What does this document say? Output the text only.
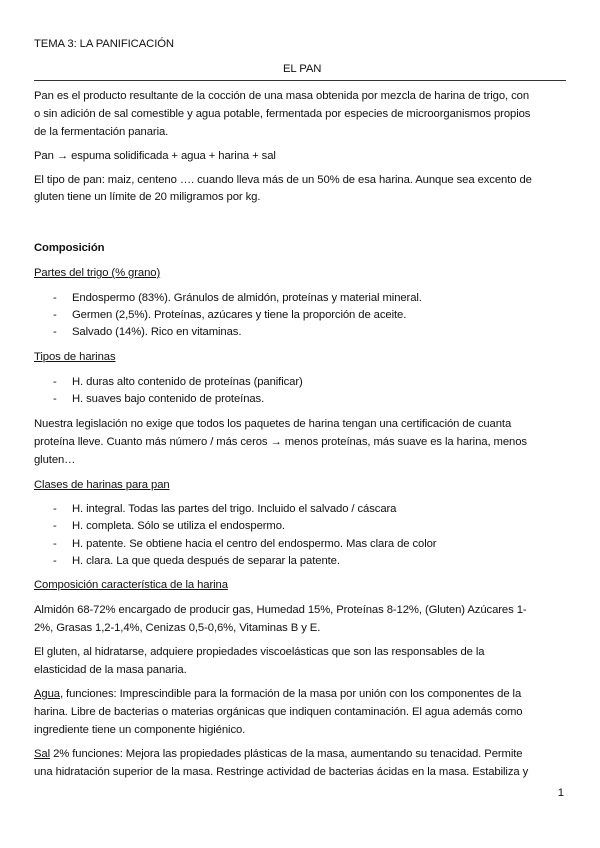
TEMA 3: LA PANIFICACIÓN
EL PAN
Pan es el producto resultante de la cocción de una masa obtenida por mezcla de harina de trigo, con
o sin adición de sal comestible y agua potable, fermentada por especies de microorganismos propios
de la fermentación panaria.
Pan → espuma solidificada + agua + harina + sal
El tipo de pan: maiz, centeno …. cuando lleva más de un 50% de esa harina. Aunque sea excento de
gluten tiene un límite de 20 miligramos por kg.
Composición
Partes del trigo (% grano)
- Endospermo (83%). Gránulos de almidón, proteínas y material mineral.
- Germen (2,5%). Proteínas, azúcares y tiene la proporción de aceite.
- Salvado (14%). Rico en vitaminas.
Tipos de harinas
- H. duras alto contenido de proteínas (panificar)
- H. suaves bajo contenido de proteínas.
Nuestra legislación no exige que todos los paquetes de harina tengan una certificación de cuanta
proteína lleve. Cuanto más número / más ceros → menos proteínas, más suave es la harina, menos
gluten…
Clases de harinas para pan
- H. integral. Todas las partes del trigo. Incluido el salvado / cáscara
- H. completa. Sólo se utiliza el endospermo.
- H. patente. Se obtiene hacia el centro del endospermo. Mas clara de color
- H. clara. La que queda después de separar la patente.
Composición característica de la harina
Almidón 68-72% encargado de producir gas, Humedad 15%, Proteínas 8-12%, (Gluten) Azúcares 1-
2%, Grasas 1,2-1,4%, Cenizas 0,5-0,6%, Vitaminas B y E.
El gluten, al hidratarse, adquiere propiedades viscoelásticas que son las responsables de la
elasticidad de la masa panaria.
Agua, funciones: Imprescindible para la formación de la masa por unión con los componentes de la
harina. Libre de bacterias o materias orgánicas que indiquen contaminación. El agua además como
ingrediente tiene un componente higiénico.
Sal 2% funciones: Mejora las propiedades plásticas de la masa, aumentando su tenacidad. Permite
una hidratación superior de la masa. Restringe actividad de bacterias ácidas en la masa. Estabiliza y
1
